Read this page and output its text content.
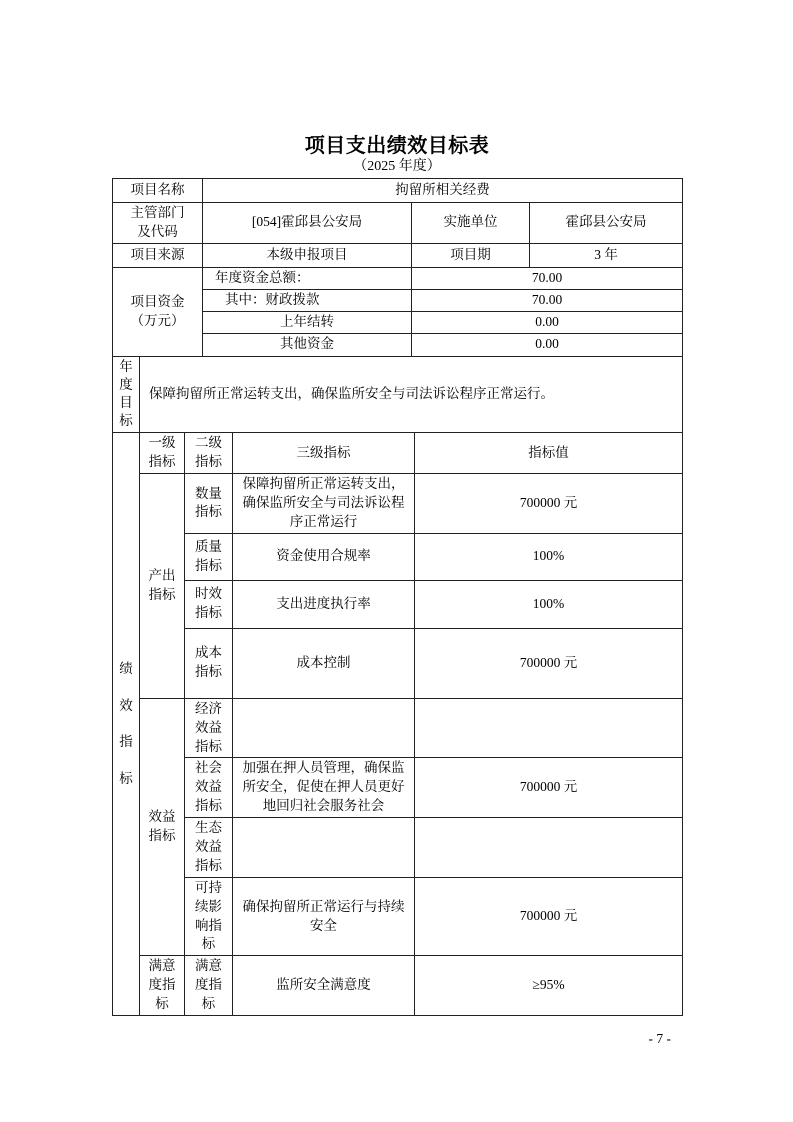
项目支出绩效目标表
（2025 年度）
项目名称	拘留所相关经费		
主管部门及代码	[054]霍邱县公安局	实施单位	霍邱县公安局
项目来源	本级申报项目	项目期	3 年
项目资金（万元）	年度资金总额：	70.00
	其中：财政拨款	70.00
	上年结转	0.00
	其他资金	0.00
年度目标	保障拘留所正常运转支出，确保监所安全与司法诉讼程序正常运行。
绩效指标	一级指标	二级指标	三级指标	指标值
	产出指标	数量指标	保障拘留所正常运转支出，确保监所安全与司法诉讼程序正常运行	700000 元
		质量指标	资金使用合规率	100%
		时效指标	支出进度执行率	100%
		成本指标	成本控制	700000 元
	效益指标	经济效益指标		
		社会效益指标	加强在押人员管理，确保监所安全，促使在押人员更好地回归社会服务社会	700000 元
		生态效益指标		
		可持续影响指标	确保拘留所正常运行与持续安全	700000 元
	满意度指标	满意度指标	监所安全满意度	≥95%
- 7 -
